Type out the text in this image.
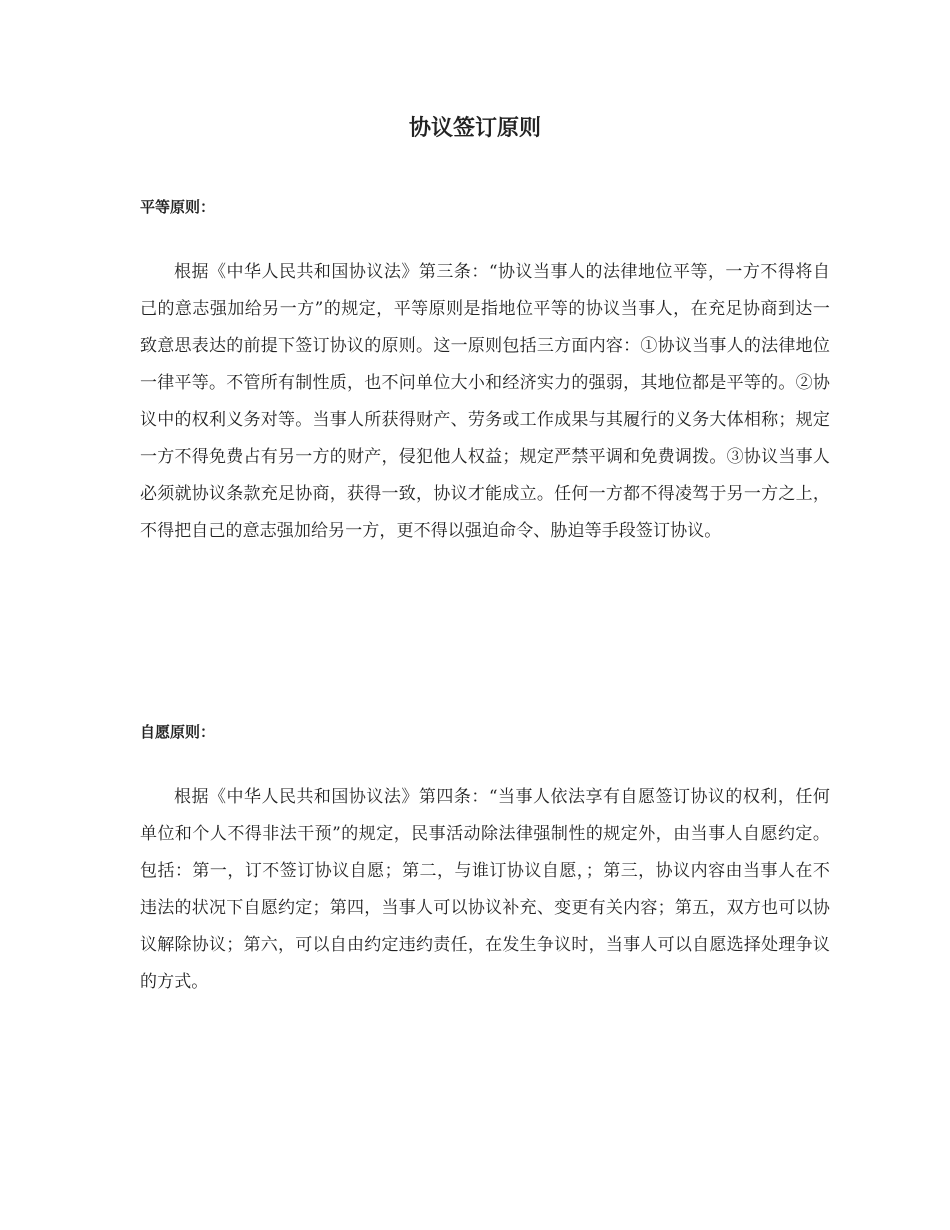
协议签订原则
平等原则：

根据《中华人民共和国协议法》第三条：“协议当事人的法律地位平等，一方不得将自己的意志强加给另一方”的规定，平等原则是指地位平等的协议当事人，在充足协商到达一致意思表达的前提下签订协议的原则。这一原则包括三方面内容：①协议当事人的法律地位一律平等。不管所有制性质，也不问单位大小和经济实力的强弱，其地位都是平等的。②协议中的权利义务对等。当事人所获得财产、劳务或工作成果与其履行的义务大体相称；规定一方不得免费占有另一方的财产，侵犯他人权益；规定严禁平调和免费调拨。③协议当事人必须就协议条款充足协商，获得一致，协议才能成立。任何一方都不得凌驾于另一方之上，不得把自己的意志强加给另一方，更不得以强迫命令、胁迫等手段签订协议。

自愿原则：

根据《中华人民共和国协议法》第四条：“当事人依法享有自愿签订协议的权利，任何单位和个人不得非法干预”的规定，民事活动除法律强制性的规定外，由当事人自愿约定。包括：第一，订不签订协议自愿；第二，与谁订协议自愿，；第三，协议内容由当事人在不违法的状况下自愿约定；第四，当事人可以协议补充、变更有关内容；第五，双方也可以协议解除协议；第六，可以自由约定违约责任，在发生争议时，当事人可以自愿选择处理争议的方式。
